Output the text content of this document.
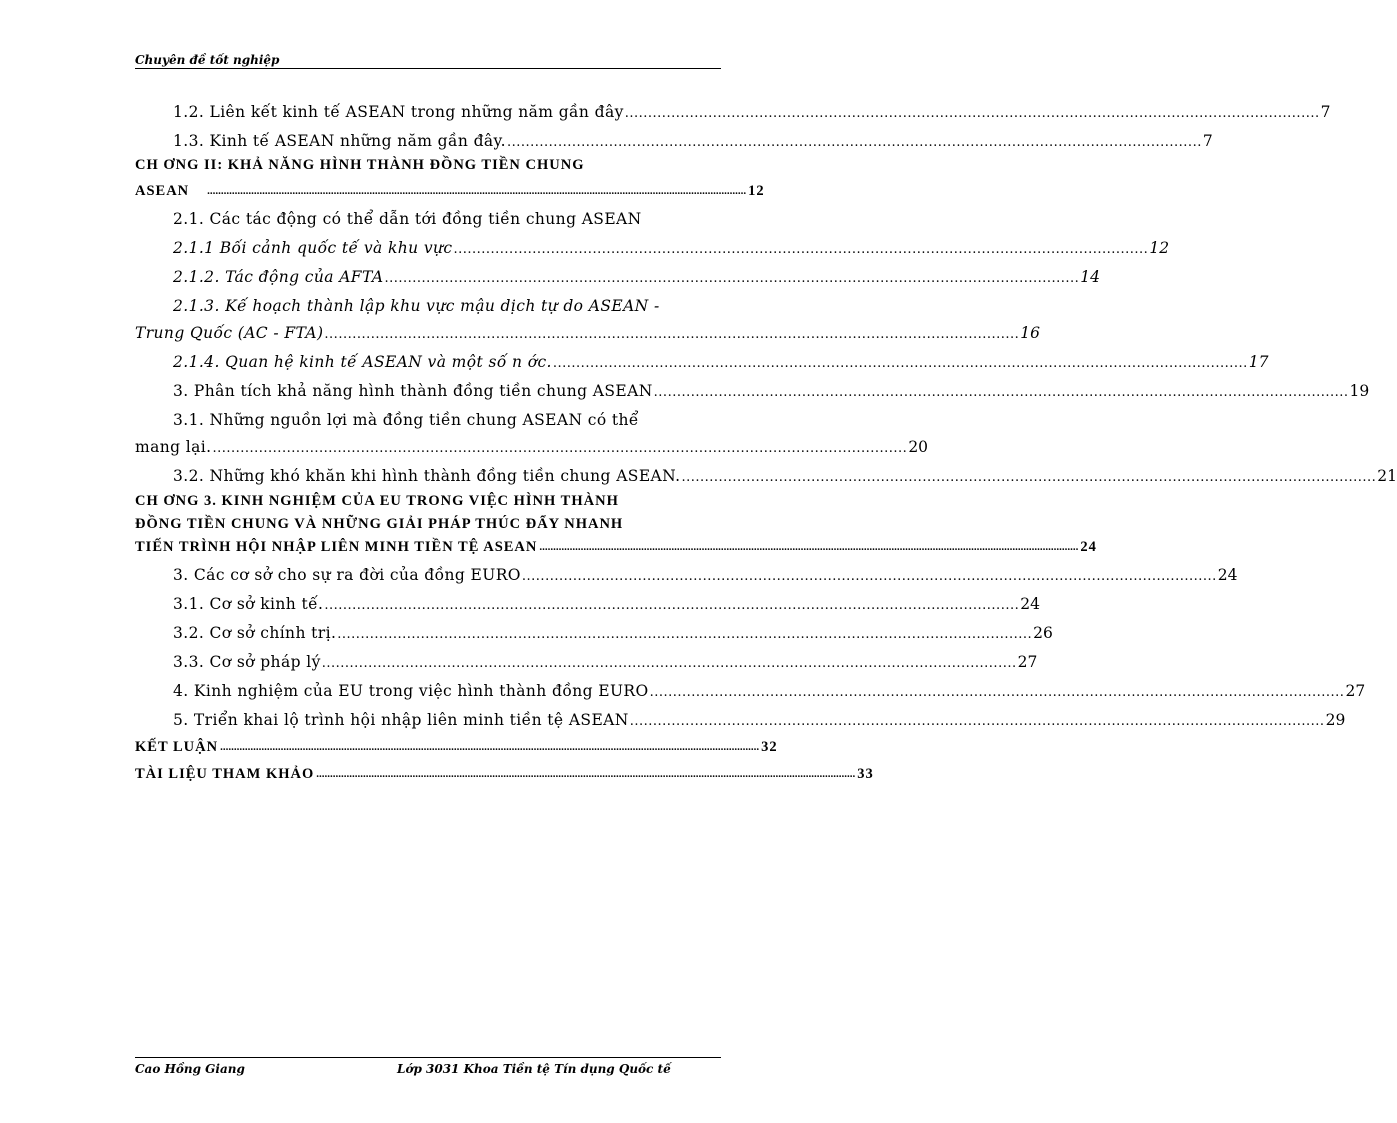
Chuyên đề tốt nghiệp
1.2. Liên kết kinh tế ASEAN trong những năm gần đây ...................................................................................................................................................... 7
1.3. Kinh tế ASEAN những năm gần đây. ...................................................................................................................................................... 7
CH ƠNG II: KHẢ NĂNG HÌNH THÀNH ĐỒNG TIỀN CHUNG
ASEAN .................................................................................................................................................................................................... 12
2.1. Các tác động có thể dẫn tới đồng tiền chung ASEAN
2.1.1 Bối cảnh quốc tế và khu vực ...................................................................................................................................................... 12
2.1.2. Tác động của AFTA ...................................................................................................................................................... 14
2.1.3. Kế hoạch thành lập khu vực mậu dịch tự do ASEAN -
Trung Quốc (AC - FTA) ...................................................................................................................................................... 16
2.1.4. Quan hệ kinh tế ASEAN và một số n ớc. ...................................................................................................................................................... 17
3. Phân tích khả năng hình thành đồng tiền chung ASEAN ...................................................................................................................................................... 19
3.1. Những nguồn lợi mà đồng tiền chung ASEAN có thể
mang lại. ...................................................................................................................................................... 20
3.2. Những khó khăn khi hình thành đồng tiền chung ASEAN. ...................................................................................................................................................... 21
CH ƠNG 3. KINH NGHIỆM CỦA EU TRONG VIỆC HÌNH THÀNH
ĐỒNG TIỀN CHUNG VÀ NHỮNG GIẢI PHÁP THÚC ĐẨY NHANH
TIẾN TRÌNH HỘI NHẬP LIÊN MINH TIỀN TỆ ASEAN .................................................................................................................................................................................................... 24
3. Các cơ sở cho sự ra đời của đồng EURO ...................................................................................................................................................... 24
3.1. Cơ sở kinh tế. ...................................................................................................................................................... 24
3.2. Cơ sở chính trị. ...................................................................................................................................................... 26
3.3. Cơ sở pháp lý ...................................................................................................................................................... 27
4. Kinh nghiệm của EU trong việc hình thành đồng EURO ...................................................................................................................................................... 27
5. Triển khai lộ trình hội nhập liên minh tiền tệ ASEAN ...................................................................................................................................................... 29
KẾT LUẬN .................................................................................................................................................................................................... 32
TÀI LIỆU THAM KHẢO .................................................................................................................................................................................................... 33
Cao Hồng Giang	Lớp 3031 Khoa Tiền tệ Tín dụng Quốc tế
